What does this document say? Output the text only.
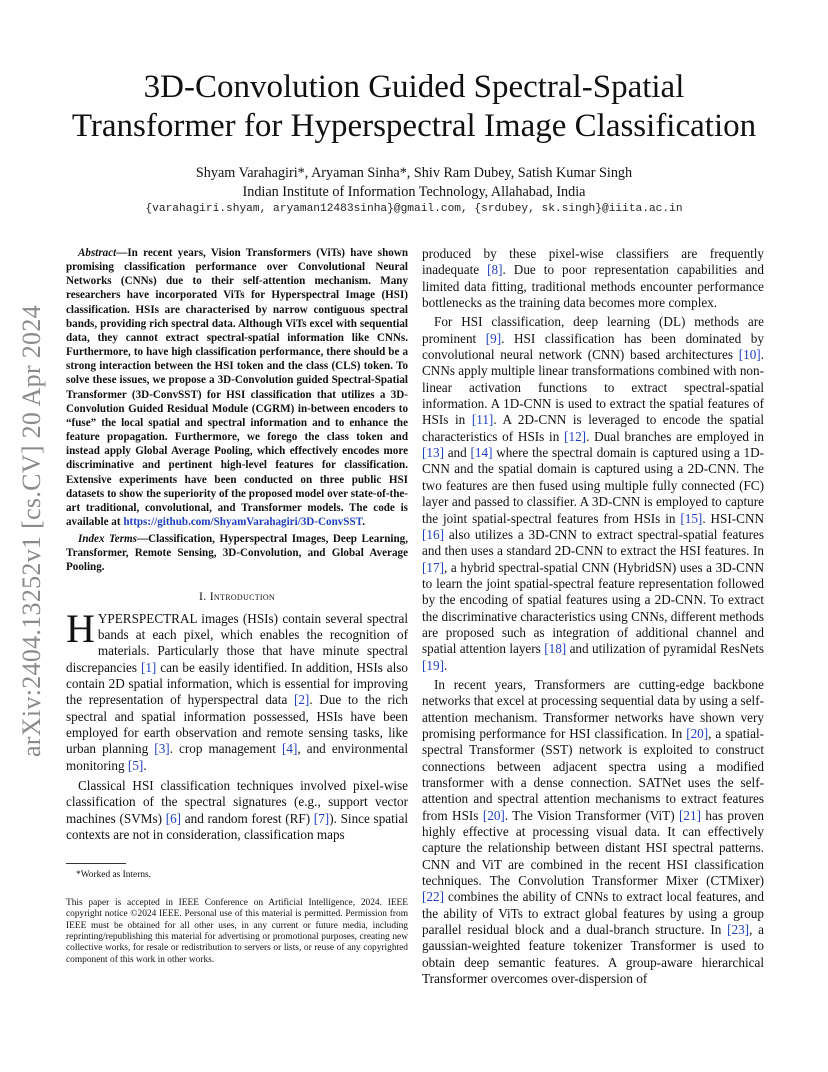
arXiv:2404.13252v1 [cs.CV] 20 Apr 2024
3D-Convolution Guided Spectral-Spatial
Transformer for Hyperspectral Image Classification
Shyam Varahagiri*, Aryaman Sinha*, Shiv Ram Dubey, Satish Kumar Singh
Indian Institute of Information Technology, Allahabad, India
{varahagiri.shyam, aryaman12483sinha}@gmail.com, {srdubey, sk.singh}@iiita.ac.in

Abstract—In recent years, Vision Transformers (ViTs) have shown promising classification performance over Convolutional Neural Networks (CNNs) due to their self-attention mechanism. Many researchers have incorporated ViTs for Hyperspectral Image (HSI) classification. HSIs are characterised by narrow contiguous spectral bands, providing rich spectral data. Although ViTs excel with sequential data, they cannot extract spectral-spatial information like CNNs. Furthermore, to have high classification performance, there should be a strong interaction between the HSI token and the class (CLS) token. To solve these issues, we propose a 3D-Convolution guided Spectral-Spatial Transformer (3D-ConvSST) for HSI classification that utilizes a 3D-Convolution Guided Residual Module (CGRM) in-between encoders to “fuse” the local spatial and spectral information and to enhance the feature propagation. Furthermore, we forego the class token and instead apply Global Average Pooling, which effectively encodes more discriminative and pertinent high-level features for classification. Extensive experiments have been conducted on three public HSI datasets to show the superiority of the proposed model over state-of-the-art traditional, convolutional, and Transformer models. The code is available at https://github.com/ShyamVarahagiri/3D-ConvSST.

Index Terms—Classification, Hyperspectral Images, Deep Learning, Transformer, Remote Sensing, 3D-Convolution, and Global Average Pooling.

I. Introduction

HYPERSPECTRAL images (HSIs) contain several spectral bands at each pixel, which enables the recognition of materials. Particularly those that have minute spectral discrepancies [1] can be easily identified. In addition, HSIs also contain 2D spatial information, which is essential for improving the representation of hyperspectral data [2]. Due to the rich spectral and spatial information possessed, HSIs have been employed for earth observation and remote sensing tasks, like urban planning [3]. crop management [4], and environmental monitoring [5].

Classical HSI classification techniques involved pixel-wise classification of the spectral signatures (e.g., support vector machines (SVMs) [6] and random forest (RF) [7]). Since spatial contexts are not in consideration, classification maps

*Worked as Interns.

This paper is accepted in IEEE Conference on Artificial Intelligence, 2024. IEEE copyright notice ©2024 IEEE. Personal use of this material is permitted. Permission from IEEE must be obtained for all other uses, in any current or future media, including reprinting/republishing this material for advertising or promotional purposes, creating new collective works, for resale or redistribution to servers or lists, or reuse of any copyrighted component of this work in other works.

produced by these pixel-wise classifiers are frequently inadequate [8]. Due to poor representation capabilities and limited data fitting, traditional methods encounter performance bottlenecks as the training data becomes more complex.

For HSI classification, deep learning (DL) methods are prominent [9]. HSI classification has been dominated by convolutional neural network (CNN) based architectures [10]. CNNs apply multiple linear transformations combined with non-linear activation functions to extract spectral-spatial information. A 1D-CNN is used to extract the spatial features of HSIs in [11]. A 2D-CNN is leveraged to encode the spatial characteristics of HSIs in [12]. Dual branches are employed in [13] and [14] where the spectral domain is captured using a 1D-CNN and the spatial domain is captured using a 2D-CNN. The two features are then fused using multiple fully connected (FC) layer and passed to classifier. A 3D-CNN is employed to capture the joint spatial-spectral features from HSIs in [15]. HSI-CNN [16] also utilizes a 3D-CNN to extract spectral-spatial features and then uses a standard 2D-CNN to extract the HSI features. In [17], a hybrid spectral-spatial CNN (HybridSN) uses a 3D-CNN to learn the joint spatial-spectral feature representation followed by the encoding of spatial features using a 2D-CNN. To extract the discriminative characteristics using CNNs, different methods are proposed such as integration of additional channel and spatial attention layers [18] and utilization of pyramidal ResNets [19].

In recent years, Transformers are cutting-edge backbone networks that excel at processing sequential data by using a self-attention mechanism. Transformer networks have shown very promising performance for HSI classification. In [20], a spatial-spectral Transformer (SST) network is exploited to construct connections between adjacent spectra using a modified transformer with a dense connection. SATNet uses the self-attention and spectral attention mechanisms to extract features from HSIs [20]. The Vision Transformer (ViT) [21] has proven highly effective at processing visual data. It can effectively capture the relationship between distant HSI spectral patterns. CNN and ViT are combined in the recent HSI classification techniques. The Convolution Transformer Mixer (CTMixer) [22] combines the ability of CNNs to extract local features, and the ability of ViTs to extract global features by using a group parallel residual block and a dual-branch structure. In [23], a gaussian-weighted feature tokenizer Transformer is used to obtain deep semantic features. A group-aware hierarchical Transformer overcomes over-dispersion of
